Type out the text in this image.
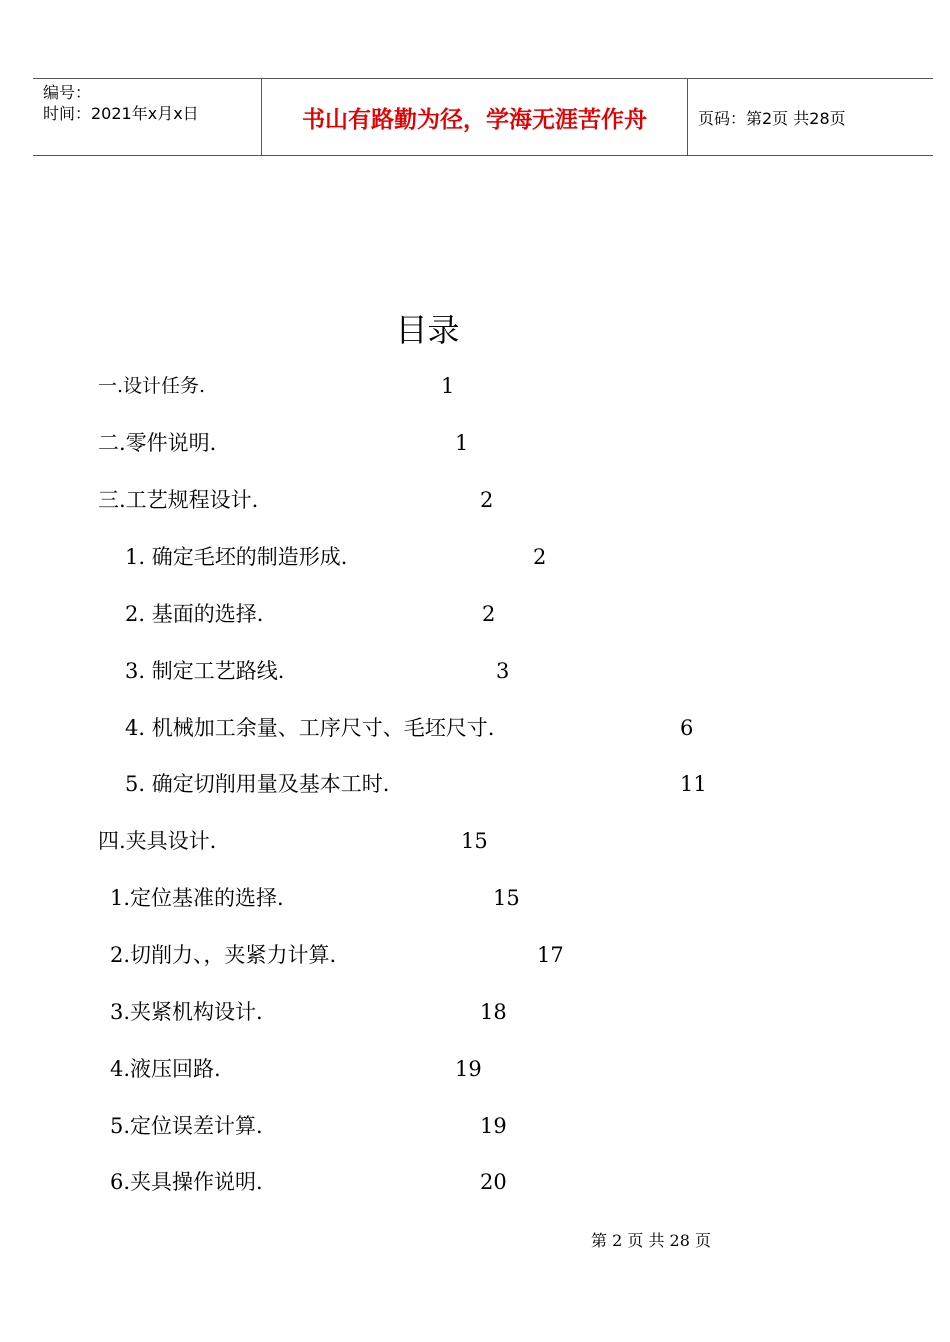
编号：
时间：2021年x月x日	书山有路勤为径，学海无涯苦作舟	页码：第2页 共28页
目录
一.设计任务.	1
二.零件说明.	1
三.工艺规程设计.	2
1. 确定毛坯的制造形成.	2
2. 基面的选择.	2
3. 制定工艺路线.	3
4. 机械加工余量、工序尺寸、毛坯尺寸.	6
5. 确定切削用量及基本工时.	11
四.夹具设计.	15
1.定位基准的选择.	15
2.切削力、，夹紧力计算.	17
3.夹紧机构设计.	18
4.液压回路.	19
5.定位误差计算.	19
6.夹具操作说明.	20
第 2 页 共 28 页
